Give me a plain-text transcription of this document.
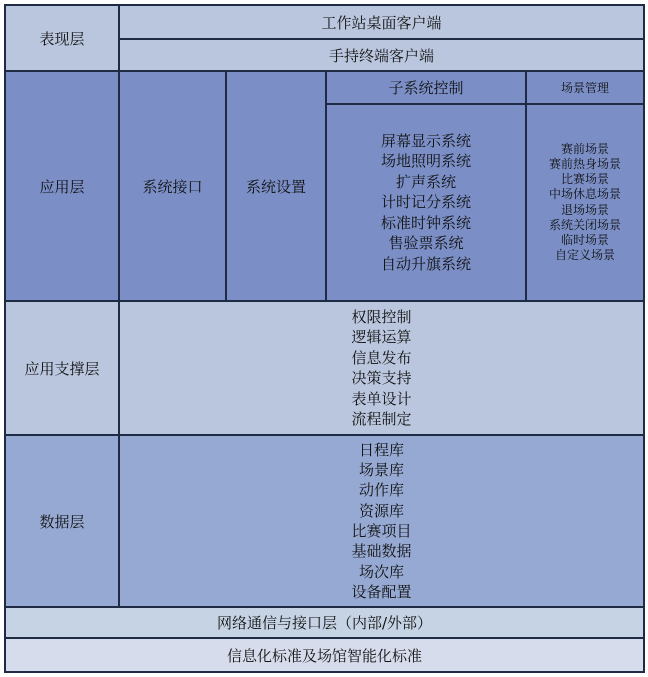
表现层
工作站桌面客户端
手持终端客户端
应用层	系统接口	系统设置
子系统控制
屏幕显示系统
场地照明系统
扩声系统
计时记分系统
标准时钟系统
售验票系统
自动升旗系统
场景管理
赛前场景
赛前热身场景
比赛场景
中场休息场景
退场场景
系统关闭场景
临时场景
自定义场景
应用支撑层
权限控制
逻辑运算
信息发布
决策支持
表单设计
流程制定
数据层
日程库
场景库
动作库
资源库
比赛项目
基础数据
场次库
设备配置
网络通信与接口层（内部/外部）
信息化标准及场馆智能化标准
